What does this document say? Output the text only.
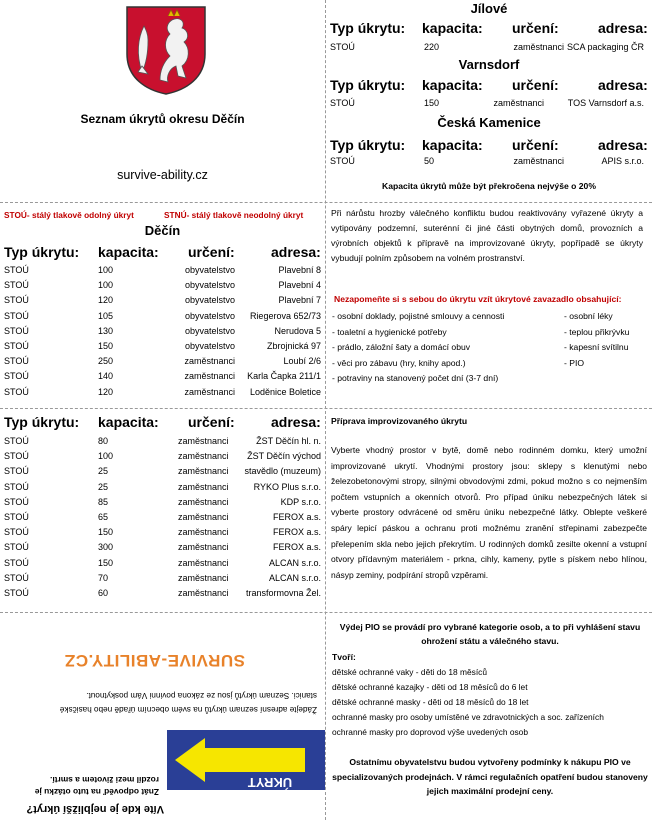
Seznam úkrytů okresu Děčín
survive-ability.cz
Jílové
Typ úkrytu: kapacita: určení:	adresa:
STOÚ	220	zaměstnanci SCA packaging ČR
Varnsdorf
Typ úkrytu: kapacita: určení:	adresa:
STOÚ	150	zaměstnanci	TOS Varnsdorf a.s.
Česká Kamenice
Typ úkrytu: kapacita: určení:	adresa:
STOÚ	50	zaměstnanci	APIS s.r.o.
Kapacita úkrytů může být překročena nejvýše o 20%
STOÚ- stálý tlakově odolný úkryt	STNÚ- stálý tlakově neodolný úkryt
Děčín
Typ úkrytu: kapacita: určení:	adresa:
STOÚ	100	obyvatelstvo	Plavební 8
STOÚ	100	obyvatelstvo	Plavební 4
STOÚ	120	obyvatelstvo	Plavební 7
STOÚ	105	obyvatelstvo Riegerova 652/73
STOÚ	130	obyvatelstvo	Nerudova 5
STOÚ	150	obyvatelstvo	Zbrojnická 97
STOÚ	250	zaměstnanci	Loubí 2/6
STOÚ	140	zaměstnanci Karla Čapka 211/1
STOÚ	120	zaměstnanci Loděnice Boletice
Typ úkrytu: kapacita: určení:	adresa:
STOÚ	80	zaměstnanci	ŽST Děčín hl. n.
STOÚ	100	zaměstnanci	ŽST Děčín východ
STOÚ	25	zaměstnanci	stavědlo (muzeum)
STOÚ	25	zaměstnanci	RYKO Plus s.r.o.
STOÚ	85	zaměstnanci	KDP s.r.o.
STOÚ	65	zaměstnanci	FEROX a.s.
STOÚ	150	zaměstnanci	FEROX a.s.
STOÚ	300	zaměstnanci	FEROX a.s.
STOÚ	150	zaměstnanci	ALCAN s.r.o.
STOÚ	70	zaměstnanci	ALCAN s.r.o.
STOÚ	60	zaměstnanci	transformovna Žel.
Při nárůstu hrozby válečného konfliktu budou reaktivovány vyřazené úkryty a vytipovány podzemní, suterénní či jiné části obytných domů, provozních a výrobních objektů k přípravě na improvizované úkryty, popřípadě se úkryty vybudují polním způsobem na volném prostranství.
Nezapomeňte si s sebou do úkrytu vzít úkrytové zavazadlo obsahující:
- osobní doklady, pojistné smlouvy a cennosti
- toaletní a hygienické potřeby
- prádlo, záložní šaty a domácí obuv
- věci pro zábavu (hry, knihy apod.)
- potraviny na stanovený počet dní (3-7 dní)
- osobní léky
- teplou přikrývku
- kapesní svítilnu
- PIO
Příprava improvizovaného úkrytu
Vyberte vhodný prostor v bytě, domě nebo rodinném domku, který umožní improvizované ukrytí. Vhodnými prostory jsou: sklepy s klenutými nebo železobetonovými stropy, silnými obvodovými zdmi, pokud možno s co nejmenším počtem vstupních a okenních otvorů. Pro případ úniku nebezpečných látek si vyberte prostory odvrácené od směru úniku nebezpečné látky. Oblepte veškeré spáry lepicí páskou a ochranu proti možnému zranění střepinami zabezpečte přelepením skla nebo jejich překrytím. U rodinných domků zesilte okenní a vstupní otvory přídavným materiálem - prkna, cihly, kameny, pytle s pískem nebo hlínou, násyp zeminy, podpírání stropů vzpěrami.
Výdej PIO se provádí pro vybrané kategorie osob, a to při vyhlášení stavu ohrožení státu a válečného stavu.
Tvoří:
dětské ochranné vaky - děti do 18 měsíců
dětské ochranné kazajky - děti od 18 měsíců do 6 let
dětské ochranné masky - děti od 18 měsíců do 18 let
ochranné masky pro osoby umístěné ve zdravotnických a soc. zařízeních
ochranné masky pro doprovod výše uvedených osob
Ostatnímu obyvatelstvu budou vytvořeny podmínky k nákupu PIO ve specializovaných prodejnách. V rámci regulačních opatření budou stanoveny jejich maximální prodejní ceny.
Víte kde je nejbližší úkryt?
Znát odpověď na tuto otázku je
rozdíl mezi životem a smrtí.	ÚKRYT
Žádejte adresní seznam úkrytů na svém obecním úřadě nebo hasičské
stanici. Seznam úkrytů jsou ze zákona povinni Vám poskytnout.
SURVIVE-ABILITY.CZ
